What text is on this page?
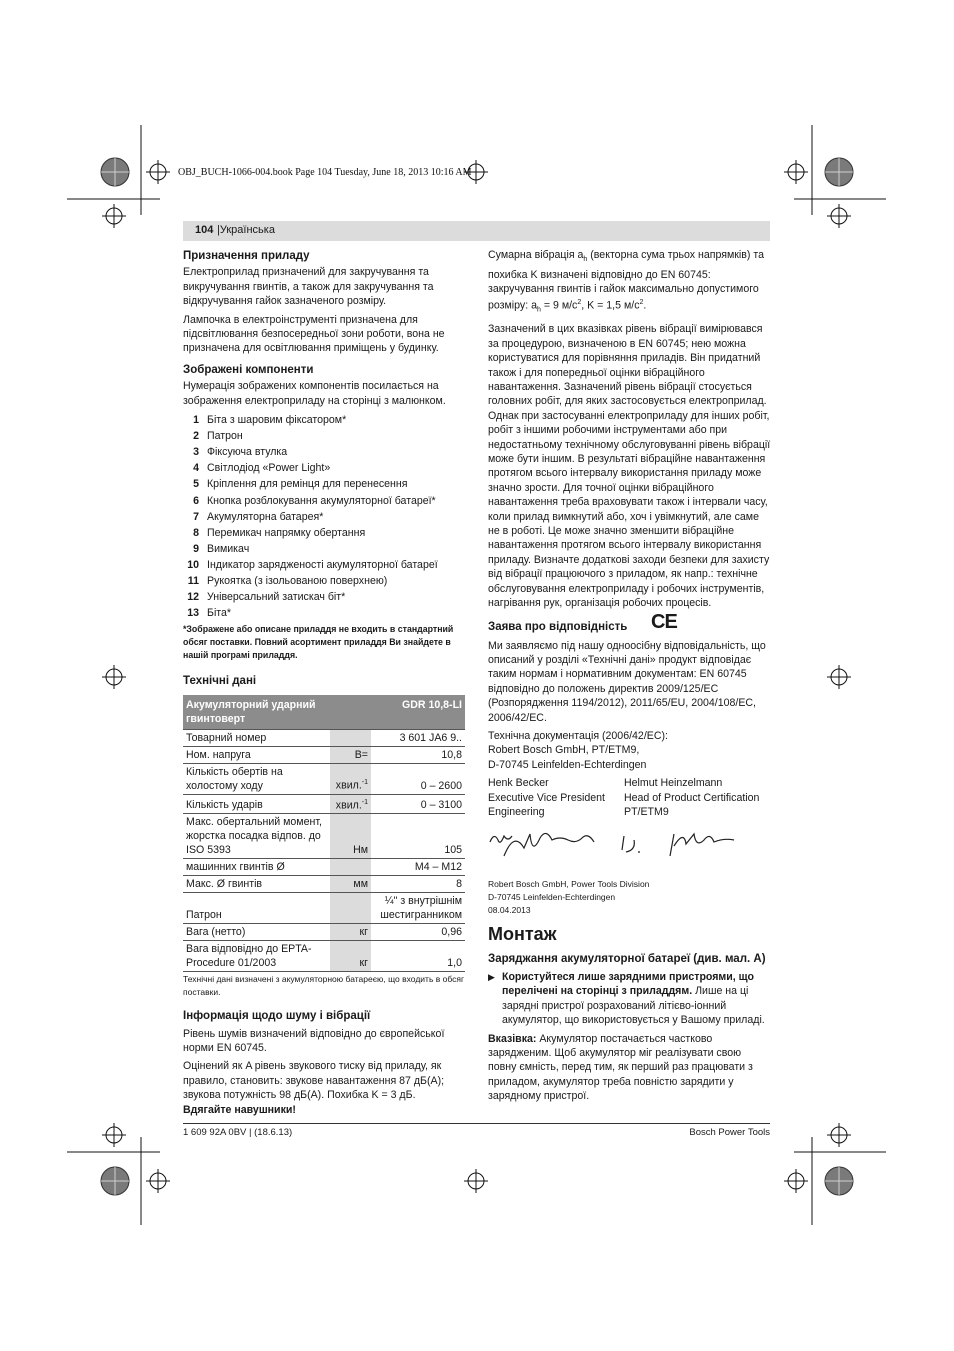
OBJ_BUCH-1066-004.book Page 104 Tuesday, June 18, 2013 10:16 AM
104 |Українська
Призначення приладу

Електроприлад призначений для закручування та викручування гвинтів, а також для закручування та відкручування гайок зазначеного розміру.

Лампочка в електроінструменті призначена для підсвітлювання безпосередньої зони роботи, вона не призначена для освітлювання приміщень у будинку.

Зображені компоненти

Нумерація зображених компонентів посилається на зображення електроприладу на сторінці з малюнком.

1 Біта з шаровим фіксатором*
2 Патрон
3 Фіксуюча втулка
4 Світлодіод «Power Light»
5 Кріплення для ремінця для перенесення
6 Кнопка розблокування акумуляторної батареї*
7 Акумуляторна батарея*
8 Перемикач напрямку обертання
9 Вимикач
10 Індикатор зарядженості акумуляторної батареї
11 Рукоятка (з ізольованою поверхнею)
12 Універсальний затискач біт*
13 Біта*
*Зображене або описане приладдя не входить в стандартний обсяг поставки. Повний асортимент приладдя Ви знайдете в нашій програмі приладдя.
Технічні дані
Акумуляторний ударний гвинтоверт		GDR 10,8-LI
Товарний номер		3 601 JA6 9..
Ном. напруга	В=	10,8
Кількість обертів на холостому ходу	хвил.$^{-1}$	0 – 2600
Кількість ударів	хвил.$^{-1}$	0 – 3100
Макс. обертальний момент, жорстка посадка відпов. до ISO 5393	Нм	105
машинних гвинтів Ø		M4 – M12
Макс. Ø гвинтів	мм	8
Патрон		¼" з внутрішнім шестигранником
Вага (нетто)	кг	0,96
Вага відповідно до EPTA-Procedure 01/2003	кг	1,0
Технічні дані визначені з акумуляторною батареєю, що входить в обсяг поставки.
Інформація щодо шуму і вібрації

Рівень шумів визначений відповідно до європейської норми EN 60745.

Оцінений як A рівень звукового тиску від приладу, як правило, становить: звукове навантаження 87 дБ(A); звукова потужність 98 дБ(A). Похибка K = 3 дБ.

Вдягайте навушники!

Сумарна вібрація $a_h$ (векторна сума трьох напрямків) та похибка K визначені відповідно до EN 60745: закручування гвинтів і гайок максимально допустимого розміру: $a_h = 9$ $м/с^2$, K = 1,5 $м/с^2$.

Зазначений в цих вказівках рівень вібрації вимірювався за процедурою, визначеною в EN 60745; нею можна користуватися для порівняння приладів. Він придатний також і для попередньої оцінки вібраційного навантаження. Зазначений рівень вібрації стосується головних робіт, для яких застосовується електроприлад. Однак при застосуванні електроприладу для інших робіт, робіт з іншими робочими інструментами або при недостатньому технічному обслуговуванні рівень вібрації може бути іншим. В результаті вібраційне навантаження протягом всього інтервалу використання приладу може значно зрости. Для точної оцінки вібраційного навантаження треба враховувати також і інтервали часу, коли прилад вимкнутий або, хоч і увімкнутий, але саме не в роботі. Це може значно зменшити вібраційне навантаження протягом всього інтервалу використання приладу. Визначте додаткові заходи безпеки для захисту від вібрації працюючого з приладом, як напр.: технічне обслуговування електроприладу і робочих інструментів, нагрівання рук, організація робочих процесів.

Заява про відповідність CE

Ми заявляємо під нашу одноосібну відповідальність, що описаний у розділі «Технічні дані» продукт відповідає таким нормам і нормативним документам: EN 60745 відповідно до положень директив 2009/125/EC (Розпорядження 1194/2012), 2011/65/EU, 2004/108/EC, 2006/42/EC.

Технічна документація (2006/42/EC):
Robert Bosch GmbH, PT/ETM9,
D-70745 Leinfelden-Echterdingen
Henk Becker
Executive Vice President
Engineering
Helmut Heinzelmann
Head of Product Certification
PT/ETM9
Robert Bosch GmbH, Power Tools Division
D-70745 Leinfelden-Echterdingen
08.04.2013
Монтаж
Заряджання акумуляторної батареї (див. мал. A)

▶ Користуйтеся лише зарядними пристроями, що перелічені на сторінці з приладдям. Лише на ці зарядні пристрої розрахований літієво-іонний акумулятор, що використовується у Вашому приладі.

Вказівка: Акумулятор постачається частково зарядженим. Щоб акумулятор міг реалізувати свою повну ємність, перед тим, як перший раз працювати з приладом, акумулятор треба повністю зарядити у зарядному пристрої.

1 609 92A 0BV | (18.6.13)	Bosch Power Tools
